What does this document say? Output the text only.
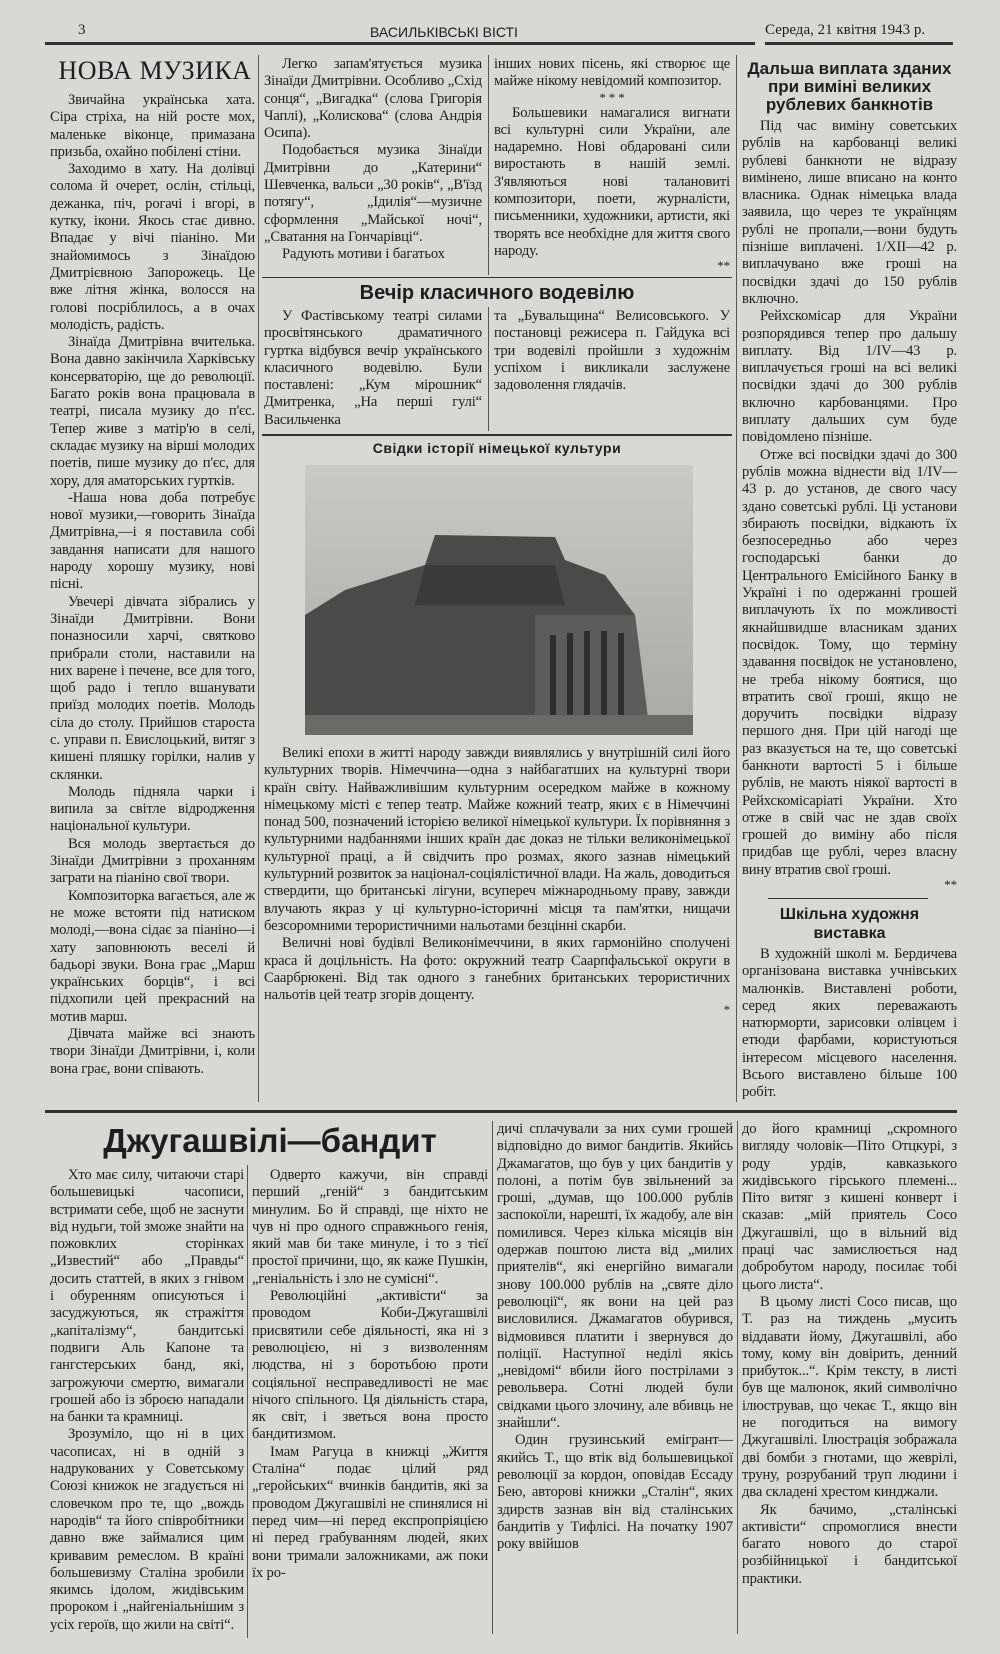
3	ВАСИЛЬКІВСЬКІ ВІСТІ	Середа, 21 квітня 1943 р.
НОВА МУЗИКА

Звичайна українська хата. Сіра стріха, на ній росте мох, маленьке віконце, примазана призьба, охайно побілені стіни.

Заходимо в хату. На долівці солома й очерет, ослін, стільці, дежанка, піч, рогачі і вгорі, в кутку, ікони. Якось стає дивно. Впадає у вічі піаніно. Ми знайомимось з Зінаїдою Дмитрієвною Запорожець. Це вже літня жінка, волосся на голові посріблилось, а в очах молодість, радість.

Зінаїда Дмитрівна вчителька. Вона давно закінчила Харківську консерваторію, ще до революції. Багато років вона працювала в театрі, писала музику до п'єс. Тепер живе з матір'ю в селі, складає музику на вірші молодих поетів, пише музику до п'єс, для хору, для аматорських гуртків.

-Наша нова доба потребує нової музики,—говорить Зінаїда Дмитрівна,—і я поставила собі завдання написати для нашого народу хорошу музику, нові пісні.

Увечері дівчата зібрались у Зінаїди Дмитрівни. Вони поназносили харчі, святково прибрали столи, наставили на них варене і печене, все для того, щоб радо і тепло вшанувати приїзд молодих поетів. Молодь сіла до столу. Прийшов староста с. управи п. Евислоцький, витяг з кишені пляшку горілки, налив у склянки.

Молодь підняла чарки і випила за світле відродження національної культури.

Вся молодь звертається до Зінаїди Дмитрівни з проханням заграти на піаніно свої твори.

Композиторка вагається, але ж не може встояти під натиском молоді,—вона сідає за піаніно—і хату заповнюють веселі й бадьорі звуки. Вона грає „Марш українських борців“, і всі підхопили цей прекрасний на мотив марш.

Дівчата майже всі знають твори Зінаїди Дмитрівни, і, коли вона грає, вони співають.

Легко запам'ятується музика Зінаїди Дмитрівни. Особливо „Схід сонця“, „Вигадка“ (слова Григорія Чаплі), „Колискова“ (слова Андрія Осипа).

Подобається музика Зінаїди Дмитрівни до „Катерини“ Шевченка, вальси „30 років“, „В'їзд потягу“, „Ідилія“—музичне сформлення „Майської ночі“, „Сватання на Гончарівці“.

Радують мотиви і багатьох

інших нових пісень, які створює ще майже нікому невідомий композитор.

* * *

Большевики намагалися вигнати всі культурні сили України, але надаремно. Нові обдаровані сили виростають в нашій землі. З'являються нові таланoвиті композитори, поети, журналісти, письменники, художники, артисти, які творять все необхідне для життя свого народу.

**
Вечір класичного водевілю

У Фастівському театрі силами просвітянського драматичного гуртка відбувся вечір українського класичного водевілю. Були поставлені: „Кум мірошник“ Дмитренка, „На перші гулі“ Васильченка

та „Бувальщина“ Велисовського. У постановці режисера п. Гайдука всі три водевілі пройшли з художнім успіхом і викликали заслужене задоволення глядачів.

Свідки історії німецької культури

Великі епохи в житті народу завжди виявлялись у внутрішній силі його культурних творів. Німеччина—одна з найбагатших на культурні твори країн світу. Найважливішим культурним осередком майже в кожному німецькому місті є тепер театр. Майже кожний театр, яких є в Німеччині понад 500, позначений історією великої німецької культури. Їх порівняння з культурними надбаннями інших країн дає доказ не тільки великонімецької культурної праці, а й свідчить про розмах, якого зазнав німецький культурний розвиток за націонал-соціялістичної влади. На жаль, доводиться ствердити, що британські лігуни, всупереч міжнародньому праву, завжди влучають якраз у ці культурно-історичні місця та пам'ятки, нищачи безсоромними терористичними нальотами безцінні скарби.

Величні нові будівлі Великонімеччини, в яких гармонійно сполучені краса й доцільність. На фото: окружний театр Саарпфальської округи в Саарбрюкені. Від так одного з ганебних британських терористичних нальотів цей театр згорів дощенту.

*
Дальша виплата зданих при виміні великих рублевих банкнотів

Під час виміну советських рублів на карбованці великі рублеві банкноти не відразу вимінено, лише вписано на конто власника. Однак німецька влада заявила, що через те українцям рублі не пропали,—вони будуть пізніше виплачені. 1/XII—42 р. виплачувано вже гроші на посвідки здачі до 150 рублів включно.

Рейхскомісар для України розпорядився тепер про дальшу виплату. Від 1/IV—43 р. виплачується гроші на всі великі посвідки здачі до 300 рублів включно карбованцями. Про виплату дальших сум буде повідомлено пізніше.

Отже всі посвідки здачі до 300 рублів можна віднести від 1/IV—43 р. до установ, де свого часу здано советські рублі. Ці установи збирають посвідки, відкають їх безпосередньо або через господарські банки до Центрального Емісійного Банку в Україні і по одержанні грошей виплачують їх по можливості якнайшвидше власникам зданих посвідок. Тому, що терміну здавання посвідок не установлено, не треба нікому боятися, що втратить свої гроші, якщо не доручить посвідки відразу першого дня. При цій нагоді ще раз вказується на те, що советські банкноти вартості 5 і більше рублів, не мають ніякої вартості в Рейхскомісаріаті України. Хто отже в свій час не здав своїх грошей до виміну або після придбав ще рублі, через власну вину втратив свої гроші.

**
Шкільна художня виставка

В художній школі м. Бердичева організована виставка учнівських малюнків. Виставлені роботи, серед яких переважають натюрморти, зарисовки олівцем і етюди фарбами, користуються інтересом місцевого населення. Всього виставлено більше 100 робіт.

Джугашвілі—бандит

Хто має силу, читаючи старі большевицькі часописи, встримати себе, щоб не заснути від нудьги, той зможе знайти на пожовклих сторінках „Известий“ або „Правды“ досить статтей, в яких з гнівом і обуренням описуються і засуджуються, як стражіття „капіталізму“, бандитські подвиги Аль Капоне та гангстерських банд, які, загрожуючи смертю, вимагали грошей або із зброєю нападали на банки та крамниці.

Зрозуміло, що ні в цих часописах, ні в одній з надрукованих у Советському Союзі книжок не згадується ні словечком про те, що „вождь народів“ та його співробітники давно вже займалися цим кривавим ремеслом. В країні большевизму Сталіна зробили якимсь ідолом, жидівським пророком і „найгеніальнішим з усіх героїв, що жили на світі“.

Одверто кажучи, він справді перший „геній“ з бандитським минулим. Бо й справді, ще ніхто не чув ні про одного справжнього генія, який мав би таке минуле, і то з тієї простої причини, що, як каже Пушкін, „геніальність і зло не сумісні“.

Революційні „активісти“ за проводом Коби-Джугашвілі присвятили себе діяльності, яка ні з революцією, ні з визволенням людства, ні з боротьбою проти соціяльної несправедливості не має нічого спільного. Ця діяльність стара, як світ, і зветься вона просто бандитизмом.

Імам Рагуца в книжці „Життя Сталіна“ подає цілий ряд „геройських“ вчинків бандитів, які за проводом Джугашвілі не спинялися ні перед чим—ні перед експропріяцією ні перед грабуванням людей, яких вони тримали заложниками, аж поки їх ро-

дичі сплачували за них суми грошей відповідно до вимог бандитів. Якийсь Джамагатов, що був у цих бандитів у полоні, а потім був звільнений за гроші, „думав, що 100.000 рублів заспокоїли, нарешті, їх жадобу, але він помилився. Через кілька місяців він одержав поштою листа від „милих приятелів“, які енергійно вимагали знову 100.000 рублів на „святе діло революції“, як вони на цей раз висловилися. Джамагатов обурився, відмовився платити і звернувся до поліції. Наступної неділі якісь „невідомі“ вбили його пострілами з револьвера. Сотні людей були свідками цього злочину, але вбивць не знайшли“.

Один грузинський емігрант—якийсь Т., що втік від большевицької революції за кордон, оповідав Ессаду Бею, авторові книжки „Сталін“, яких здирств зазнав він від сталінських бандитів у Тифлісі. На початку 1907 року ввійшов

до його крамниці „скромного вигляду чоловік—Піто Отцкурі, з роду урдів, кавказького жидівського гірського племені... Піто витяг з кишені конверт і сказав: „мій приятель Сосо Джугашвілі, що в вільний від праці час замислюється над добробутом народу, посилає тобі цього листа“.

В цьому листі Сосо писав, що Т. раз на тиждень „мусить віддавати йому, Джугашвілі, або тому, кому він довірить, денний прибуток...“. Крім тексту, в листі був ще малюнок, який символічно ілюстрував, що чекає Т., якщо він не погодиться на вимогу Джугашвілі. Ілюстрація зображала дві бомби з гнотами, що жеврілі, труну, розрубаний труп людини і два складені хрестом кинджали.

Як бачимо, „сталінські активісти“ спромоглися внести багато нового до старої розбійницької і бандитської практики.
